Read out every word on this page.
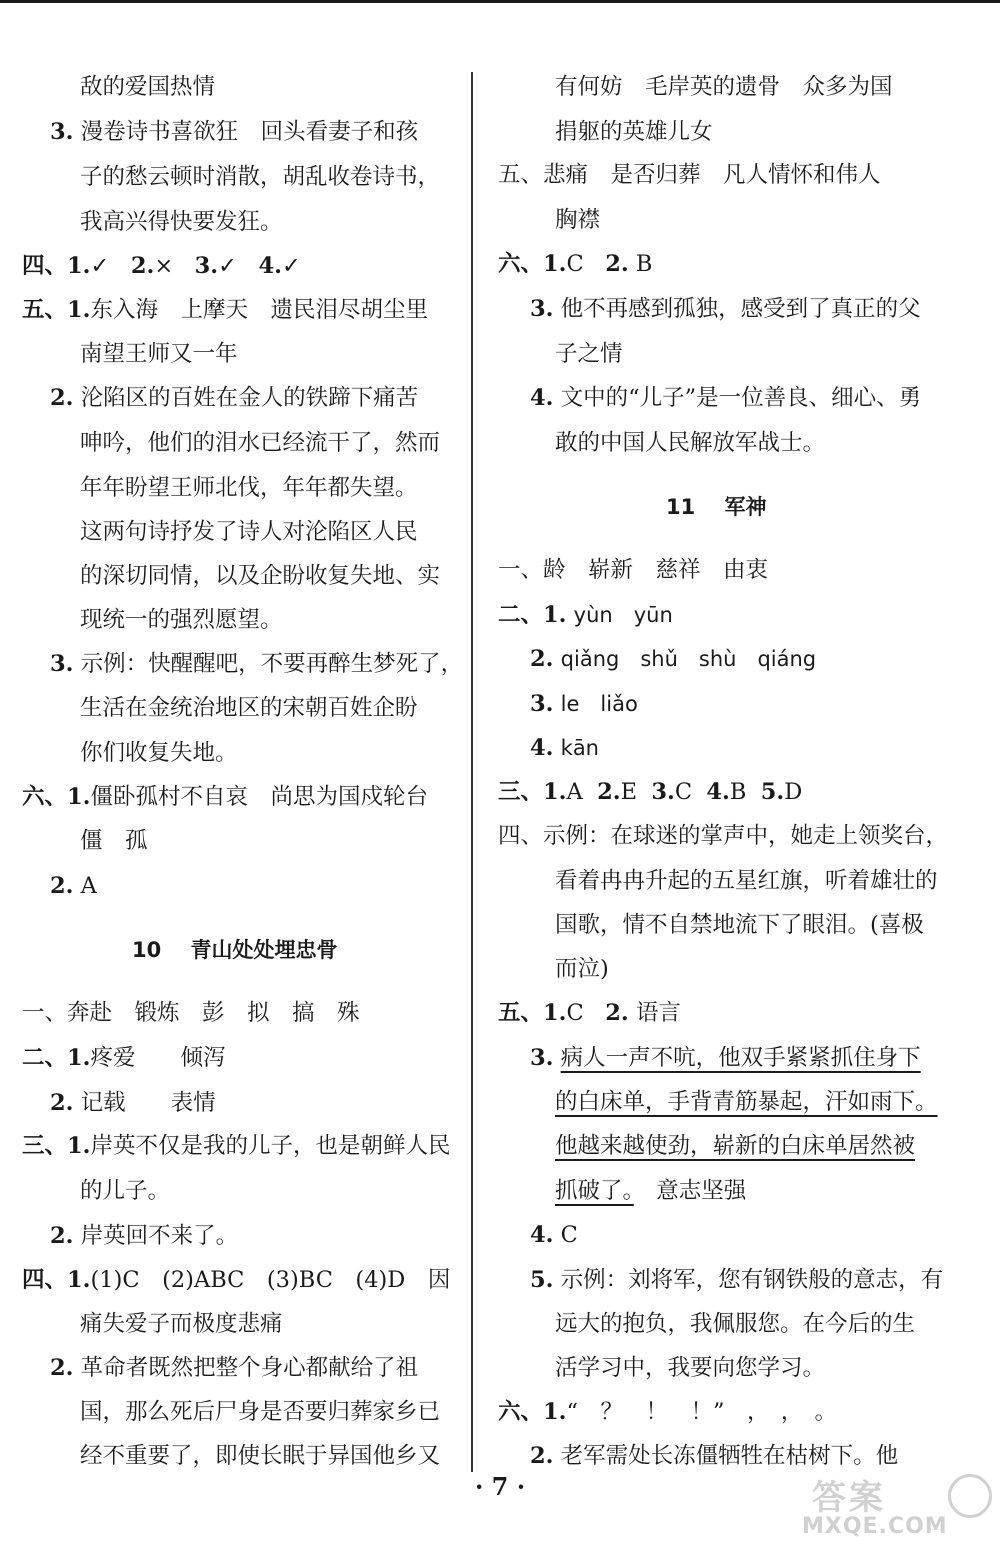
敌的爱国热情
3. 漫卷诗书喜欲狂　回头看妻子和孩
子的愁云顿时消散，胡乱收卷诗书，
我高兴得快要发狂。
四、1.✓ 2.× 3.✓ 4.✓
五、1.东入海　上摩天　遗民泪尽胡尘里
南望王师又一年
2. 沦陷区的百姓在金人的铁蹄下痛苦
呻吟，他们的泪水已经流干了，然而
年年盼望王师北伐，年年都失望。
这两句诗抒发了诗人对沦陷区人民
的深切同情，以及企盼收复失地、实
现统一的强烈愿望。
3. 示例：快醒醒吧，不要再醉生梦死了，
生活在金统治地区的宋朝百姓企盼
你们收复失地。
六、1.僵卧孤村不自哀　尚思为国戍轮台
僵　孤
2. A
10 青山处处埋忠骨
一、奔赴　锻炼　彭　拟　搞　殊
二、1.疼爱　　倾泻
2. 记载　　表情
三、1.岸英不仅是我的儿子，也是朝鲜人民
的儿子。
2. 岸英回不来了。
四、1.(1)C　(2)ABC　(3)BC　(4)D　因
痛失爱子而极度悲痛
2. 革命者既然把整个身心都献给了祖
国，那么死后尸身是否要归葬家乡已
经不重要了，即使长眠于异国他乡又
有何妨　毛岸英的遗骨　众多为国
捐躯的英雄儿女
五、悲痛　是否归葬　凡人情怀和伟人
胸襟
六、1.C 2. B
3. 他不再感到孤独，感受到了真正的父
子之情
4. 文中的“儿子”是一位善良、细心、勇
敢的中国人民解放军战士。
11 军神
一、龄　崭新　慈祥　由衷
二、1. yùn　yūn
2. qiǎng　shǔ　shù　qiáng
3. le　liǎo
4. kān
三、1.A 2.E 3.C 4.B 5.D
四、示例：在球迷的掌声中，她走上领奖台，
看着冉冉升起的五星红旗，听着雄壮的
国歌，情不自禁地流下了眼泪。(喜极
而泣)
五、1.C 2. 语言
3. 病人一声不吭，他双手紧紧抓住身下
的白床单，手背青筋暴起，汗如雨下。
他越来越使劲，崭新的白床单居然被
抓破了。　 意志坚强
4. C
5. 示例：刘将军，您有钢铁般的意志，有
远大的抱负，我佩服您。在今后的生
活学习中，我要向您学习。
六、1.“　？　！　！”　，　，　。
2. 老军需处长冻僵牺牲在枯树下。他
· 7 ·	答案
MXQE.COM
